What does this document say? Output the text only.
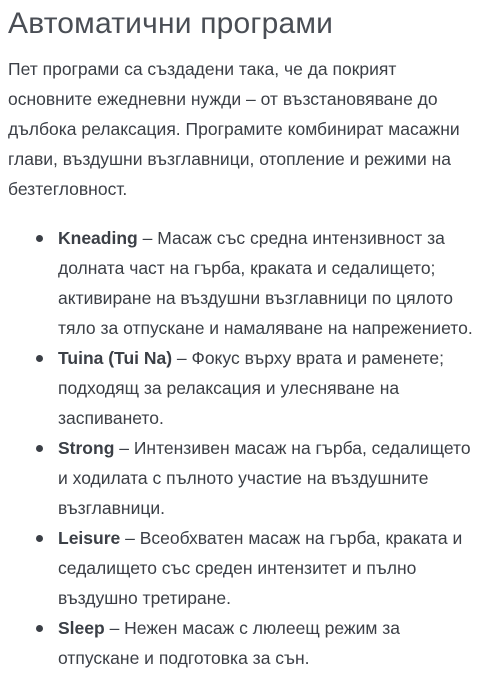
Автоматични програми

Пет програми са създадени така, че да покрият основните ежедневни нужди – от възстановяване до дълбока релаксация. Програмите комбинират масажни глави, въздушни възглавници, отопление и режими на безтегловност.

Kneading – Масаж със средна интензивност за долната част на гърба, краката и седалището; активиране на въздушни възглавници по цялото тяло за отпускане и намаляване на напрежението.
Tuina (Tui Na) – Фокус върху врата и раменете; подходящ за релаксация и улесняване на заспиването.
Strong – Интензивен масаж на гърба, седалището и ходилата с пълното участие на въздушните възглавници.
Leisure – Всеобхватен масаж на гърба, краката и седалището със среден интензитет и пълно въздушно третиране.
Sleep – Нежен масаж с люлеещ режим за отпускане и подготовка за сън.
